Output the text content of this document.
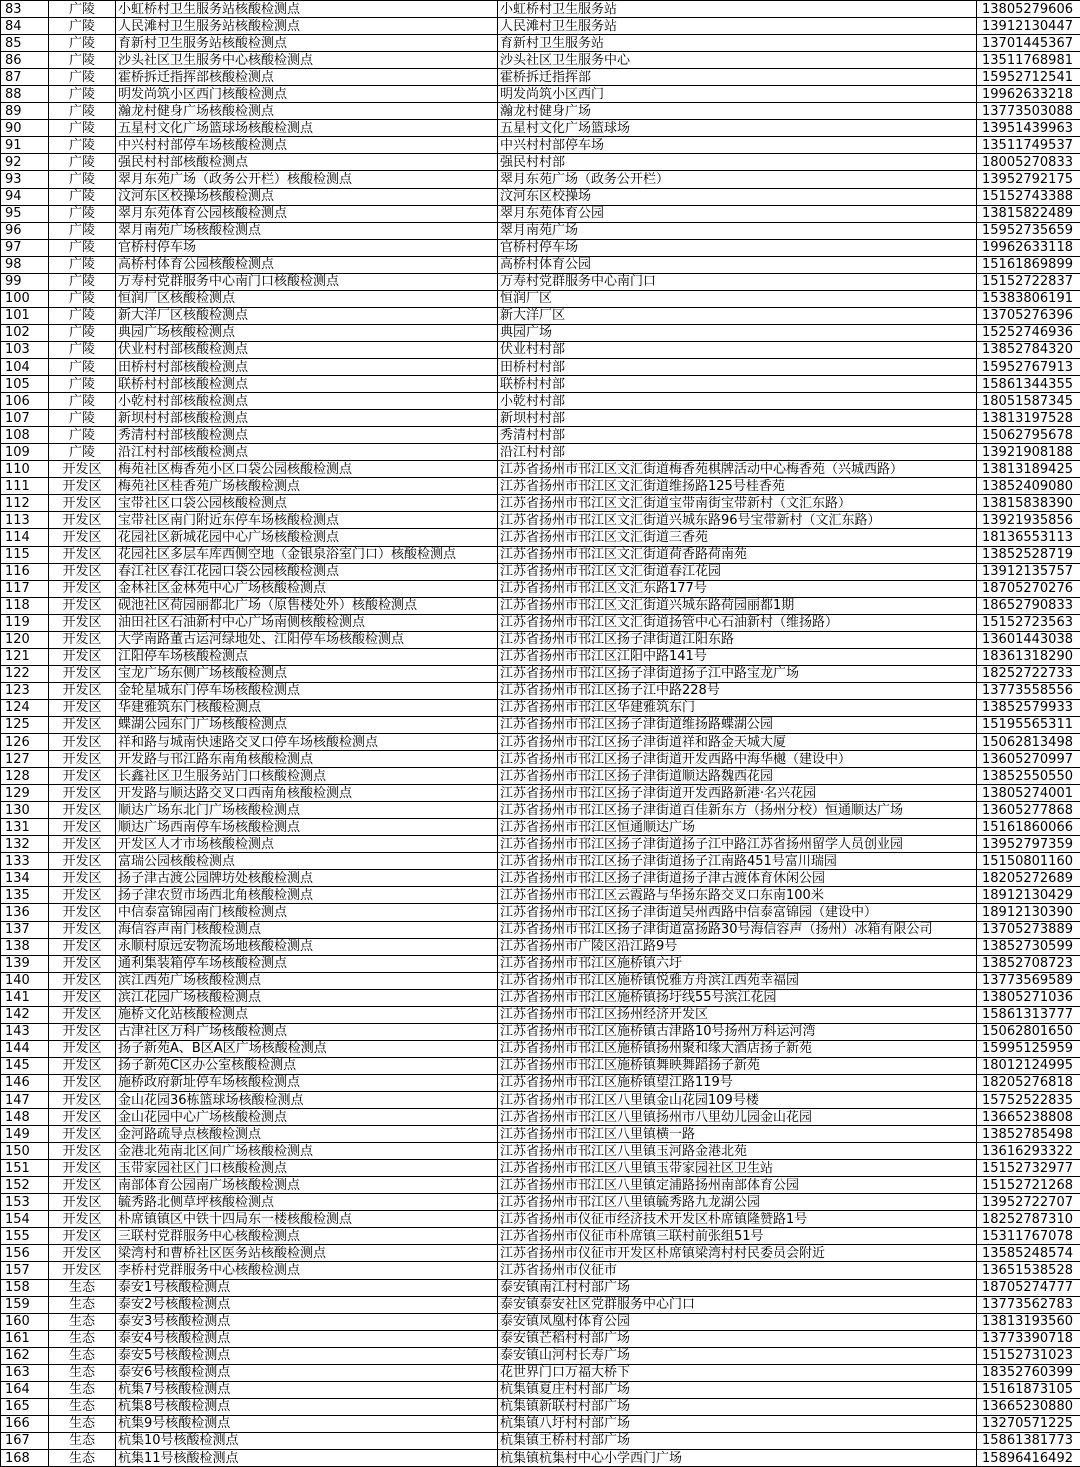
83	广陵	小虹桥村卫生服务站核酸检测点	小虹桥村卫生服务站	13805279606
84	广陵	人民滩村卫生服务站核酸检测点	人民滩村卫生服务站	13912130447
85	广陵	育新村卫生服务站核酸检测点	育新村卫生服务站	13701445367
86	广陵	沙头社区卫生服务中心核酸检测点	沙头社区卫生服务中心	13511768981
87	广陵	霍桥拆迁指挥部核酸检测点	霍桥拆迁指挥部	15952712541
88	广陵	明发尚筑小区西门核酸检测点	明发尚筑小区西门	19962633218
89	广陵	瀚龙村健身广场核酸检测点	瀚龙村健身广场	13773503088
90	广陵	五星村文化广场篮球场核酸检测点	五星村文化广场篮球场	13951439963
91	广陵	中兴村村部停车场核酸检测点	中兴村村部停车场	13511749537
92	广陵	强民村村部核酸检测点	强民村村部	18005270833
93	广陵	翠月东苑广场（政务公开栏）核酸检测点	翠月东苑广场（政务公开栏）	13952792175
94	广陵	汶河东区校操场核酸检测点	汶河东区校操场	15152743388
95	广陵	翠月东苑体育公园核酸检测点	翠月东苑体育公园	13815822489
96	广陵	翠月南苑广场核酸检测点	翠月南苑广场	15952735659
97	广陵	官桥村停车场	官桥村停车场	19962633118
98	广陵	高桥村体育公园核酸检测点	高桥村体育公园	15161869899
99	广陵	万寿村党群服务中心南门口核酸检测点	万寿村党群服务中心南门口	15152722837
100	广陵	恒润厂区核酸检测点	恒润厂区	15383806191
101	广陵	新大洋厂区核酸检测点	新大洋厂区	13705276396
102	广陵	典园广场核酸检测点	典园广场	15252746936
103	广陵	伏业村村部核酸检测点	伏业村村部	13852784320
104	广陵	田桥村村部核酸检测点	田桥村村部	15952767913
105	广陵	联桥村村部核酸检测点	联桥村村部	15861344355
106	广陵	小乾村村部核酸检测点	小乾村村部	18051587345
107	广陵	新坝村村部核酸检测点	新坝村村部	13813197528
108	广陵	秀清村村部核酸检测点	秀清村村部	15062795678
109	广陵	沿江村村部核酸检测点	沿江村村部	13921908188
110	开发区	梅苑社区梅香苑小区口袋公园核酸检测点	江苏省扬州市邗江区文汇街道梅香苑棋牌活动中心梅香苑（兴城西路）	13813189425
111	开发区	梅苑社区桂香苑广场核酸检测点	江苏省扬州市邗江区文汇街道维扬路125号桂香苑	13852409080
112	开发区	宝带社区口袋公园核酸检测点	江苏省扬州市邗江区文汇街道宝带南街宝带新村（文汇东路）	13815838390
113	开发区	宝带社区南门附近东停车场核酸检测点	江苏省扬州市邗江区文汇街道兴城东路96号宝带新村（文汇东路）	13921935856
114	开发区	花园社区新城花园中心广场核酸检测点	江苏省扬州市邗江区文汇街道三香苑	18136553113
115	开发区	花园社区多层车库西侧空地（金银泉浴室门口）核酸检测点	江苏省扬州市邗江区文汇街道荷香路荷南苑	13852528719
116	开发区	春江社区春江花园口袋公园核酸检测点	江苏省扬州市邗江区文汇街道春江花园	13912135757
117	开发区	金林社区金林苑中心广场核酸检测点	江苏省扬州市邗江区文汇东路177号	18705270276
118	开发区	砚池社区荷园丽都北广场（原售楼处外）核酸检测点	江苏省扬州市邗江区文汇街道兴城东路荷园丽都1期	18652790833
119	开发区	油田社区石油新村中心广场南侧核酸检测点	江苏省扬州市邗江区文汇街道扬管中心石油新村（维扬路）	15152723563
120	开发区	大学南路董古运河绿地处、江阳停车场核酸检测点	江苏省扬州市邗江区扬子津街道江阳东路	13601443038
121	开发区	江阳停车场核酸检测点	江苏省扬州市邗江区江阳中路141号	18361318290
122	开发区	宝龙广场东侧广场核酸检测点	江苏省扬州市邗江区扬子津街道扬子江中路宝龙广场	18252722733
123	开发区	金轮星城东门停车场核酸检测点	江苏省扬州市邗江区扬子江中路228号	13773558556
124	开发区	华建雅筑东门核酸检测点	江苏省扬州市邗江区华建雅筑东门	13852579933
125	开发区	蝶湖公园东门广场核酸检测点	江苏省扬州市邗江区扬子津街道维扬路蝶湖公园	15195565311
126	开发区	祥和路与城南快速路交叉口停车场核酸检测点	江苏省扬州市邗江区扬子津街道祥和路金天城大厦	15062813498
127	开发区	开发路与邗江路东南角核酸检测点	江苏省扬州市邗江区扬子津街道开发西路中海华樾（建设中）	13605270997
128	开发区	长鑫社区卫生服务站门口核酸检测点	江苏省扬州市邗江区扬子津街道顺达路魏西花园	13852550550
129	开发区	开发路与顺达路交叉口西南角核酸检测点	江苏省扬州市邗江区扬子津街道开发西路新港·名兴花园	13805274001
130	开发区	顺达广场东北门广场核酸检测点	江苏省扬州市邗江区扬子津街道百佳新东方（扬州分校）恒通顺达广场	13605277868
131	开发区	顺达广场西南停车场核酸检测点	江苏省扬州市邗江区恒通顺达广场	15161860066
132	开发区	开发区人才市场核酸检测点	江苏省扬州市邗江区扬子津街道扬子江中路江苏省扬州留学人员创业园	13952797359
133	开发区	富瑞公园核酸检测点	江苏省扬州市邗江区扬子津街道扬子江南路451号富川瑞园	15150801160
134	开发区	扬子津古渡公园牌坊处核酸检测点	江苏省扬州市邗江区扬子津街道扬子津古渡体育休闲公园	18205272689
135	开发区	扬子津农贸市场西北角核酸检测点	江苏省扬州市邗江区云霞路与华扬东路交叉口东南100米	18912130429
136	开发区	中信泰富锦园南门核酸检测点	江苏省扬州市邗江区扬子津街道吴州西路中信泰富锦园（建设中）	18912130390
137	开发区	海信容声南门核酸检测点	江苏省扬州市邗江区扬子津街道富扬路30号海信容声（扬州）冰箱有限公司	13705273889
138	开发区	永顺村原远安物流场地核酸检测点	江苏省扬州市广陵区沿江路9号	13852730599
139	开发区	通利集装箱停车场核酸检测点	江苏省扬州市邗江区施桥镇六圩	13852708723
140	开发区	滨江西苑广场核酸检测点	江苏省扬州市邗江区施桥镇悦雅方舟滨江西苑幸福园	13773569589
141	开发区	滨江花园广场核酸检测点	江苏省扬州市邗江区施桥镇扬圩线55号滨江花园	13805271036
142	开发区	施桥文化站核酸检测点	江苏省扬州市邗江区扬州经济开发区	15861313777
143	开发区	古津社区万科广场核酸检测点	江苏省扬州市邗江区施桥镇古津路10号扬州万科运河湾	15062801650
144	开发区	扬子新苑A、B区A区广场核酸检测点	江苏省扬州市邗江区施桥镇扬州聚和缘大酒店扬子新苑	15995125959
145	开发区	扬子新苑C区办公室核酸检测点	江苏省扬州市邗江区施桥镇舞映舞蹈扬子新苑	18012124995
146	开发区	施桥政府新址停车场核酸检测点	江苏省扬州市邗江区施桥镇望江路119号	18205276818
147	开发区	金山花园36栋篮球场核酸检测点	江苏省扬州市邗江区八里镇金山花园109号楼	15752522835
148	开发区	金山花园中心广场核酸检测点	江苏省扬州市邗江区八里镇扬州市八里幼儿园金山花园	13665238808
149	开发区	金河路疏导点核酸检测点	江苏省扬州市邗江区八里镇横一路	13852785498
150	开发区	金港北苑南北区间广场核酸检测点	江苏省扬州市邗江区八里镇玉河路金港北苑	13616293322
151	开发区	玉带家园社区门口核酸检测点	江苏省扬州市邗江区八里镇玉带家园社区卫生站	15152732977
152	开发区	南部体育公园南广场核酸检测点	江苏省扬州市邗江区八里镇定浦路扬州南部体育公园	15152721268
153	开发区	毓秀路北侧草坪核酸检测点	江苏省扬州市邗江区八里镇毓秀路九龙湖公园	13952722707
154	开发区	朴席镇镇区中铁十四局东一楼核酸检测点	江苏省扬州市仪征市经济技术开发区朴席镇隆赞路1号	18252787310
155	开发区	三联村党群服务中心核酸检测点	江苏省扬州市仪征市朴席镇三联村前张组51号	15311767078
156	开发区	梁湾村和曹桥社区医务站核酸检测点	江苏省扬州市仪征市开发区朴席镇梁湾村村民委员会附近	13585248574
157	开发区	李桥村党群服务中心核酸检测点	江苏省扬州市仪征市	13651538528
158	生态	泰安1号核酸检测点	泰安镇南江村村部广场	18705274777
159	生态	泰安2号核酸检测点	泰安镇泰安社区党群服务中心门口	13773562783
160	生态	泰安3号核酸检测点	泰安镇凤凰村体育公园	13813193560
161	生态	泰安4号核酸检测点	泰安镇芒稻村村部广场	13773390718
162	生态	泰安5号核酸检测点	泰安镇山河村长寿广场	15152731023
163	生态	泰安6号核酸检测点	花世界门口万福大桥下	18352760399
164	生态	杭集7号核酸检测点	杭集镇夏庄村村部广场	15161873105
165	生态	杭集8号核酸检测点	杭集镇新联村村部广场	13665230880
166	生态	杭集9号核酸检测点	杭集镇八圩村村部广场	13270571225
167	生态	杭集10号核酸检测点	杭集镇王桥村村部广场	15861381773
168	生态	杭集11号核酸检测点	杭集镇杭集村中心小学西门广场	15896416492
